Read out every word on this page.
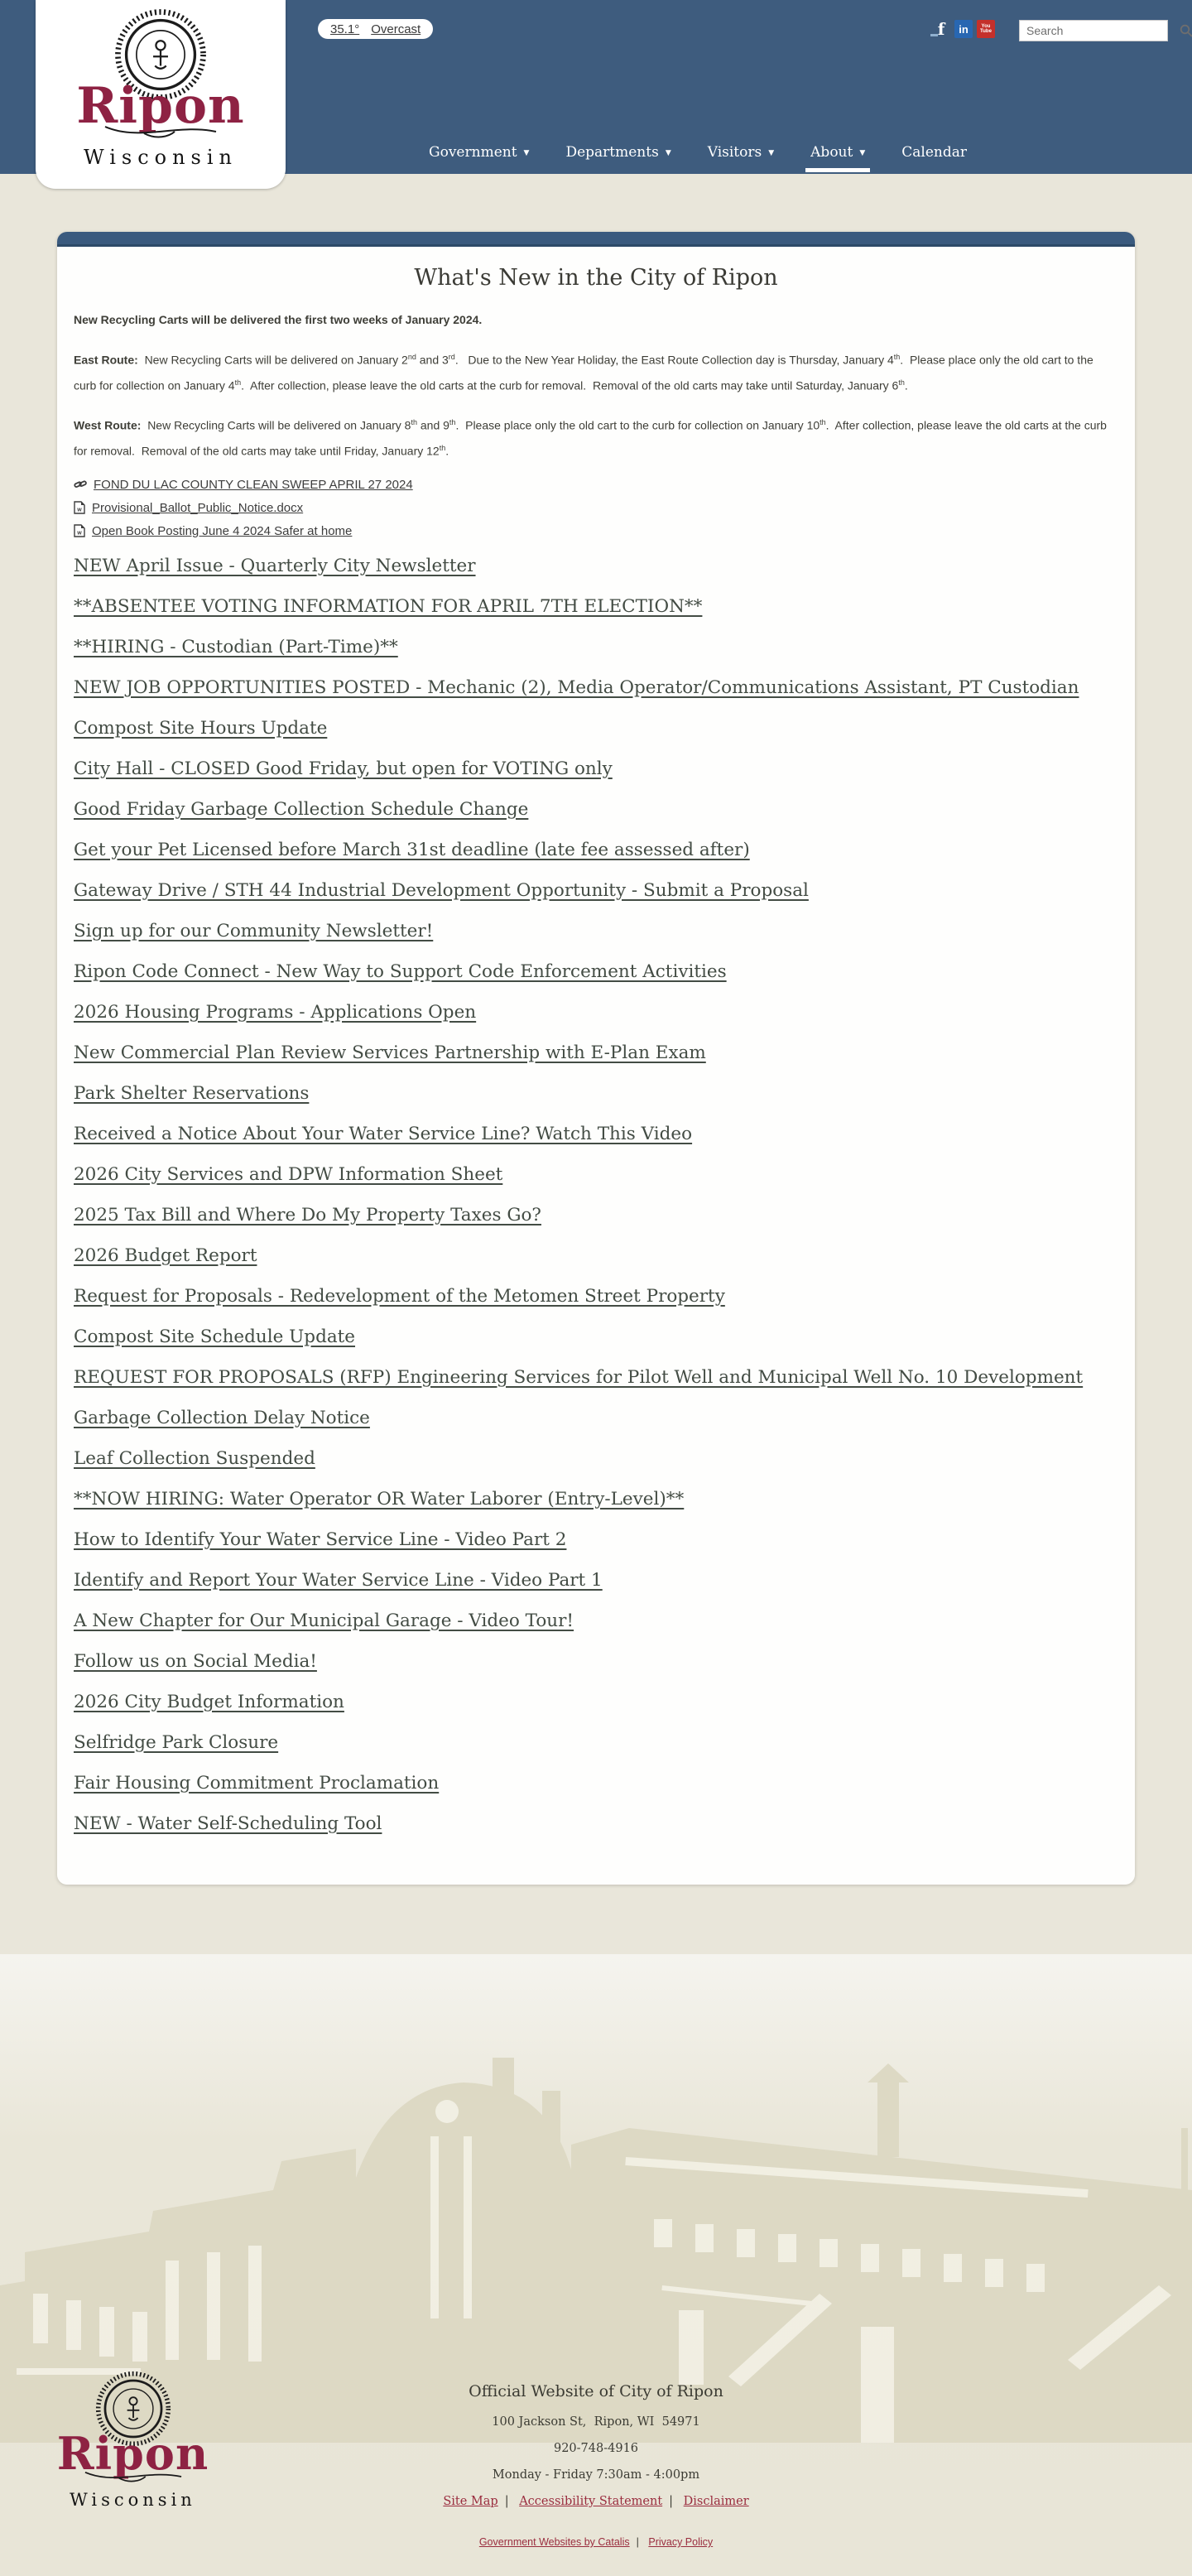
Ripon
Wisconsin
35.1° Overcast	f	in	You
Tube
Search
Government ▼	Departments ▼	Visitors ▼	About ▼	Calendar
What's New in the City of Ripon

New Recycling Carts will be delivered the first two weeks of January 2024.

East Route:  New Recycling Carts will be delivered on January 2nd and 3rd.   Due to the New Year Holiday, the East Route Collection day is Thursday, January 4th.  Please place only the old cart to the curb for collection on January 4th.  After collection, please leave the old carts at the curb for removal.  Removal of the old carts may take until Saturday, January 6th.

West Route:  New Recycling Carts will be delivered on January 8th and 9th.  Please place only the old cart to the curb for collection on January 10th.  After collection, please leave the old carts at the curb for removal.  Removal of the old carts may take until Friday, January 12th.

FOND DU LAC COUNTY CLEAN SWEEP APRIL 27 2024
w Provisional_Ballot_Public_Notice.docx
w Open Book Posting June 4 2024 Safer at home
NEW April Issue - Quarterly City Newsletter
**ABSENTEE VOTING INFORMATION FOR APRIL 7TH ELECTION**
**HIRING - Custodian (Part-Time)**
NEW JOB OPPORTUNITIES POSTED - Mechanic (2), Media Operator/Communications Assistant, PT Custodian
Compost Site Hours Update
City Hall - CLOSED Good Friday, but open for VOTING only
Good Friday Garbage Collection Schedule Change
Get your Pet Licensed before March 31st deadline (late fee assessed after)
Gateway Drive / STH 44 Industrial Development Opportunity - Submit a Proposal
Sign up for our Community Newsletter!
Ripon Code Connect - New Way to Support Code Enforcement Activities
2026 Housing Programs - Applications Open
New Commercial Plan Review Services Partnership with E-Plan Exam
Park Shelter Reservations
Received a Notice About Your Water Service Line? Watch This Video
2026 City Services and DPW Information Sheet
2025 Tax Bill and Where Do My Property Taxes Go?
2026 Budget Report
Request for Proposals - Redevelopment of the Metomen Street Property
Compost Site Schedule Update
REQUEST FOR PROPOSALS (RFP) Engineering Services for Pilot Well and Municipal Well No. 10 Development
Garbage Collection Delay Notice
Leaf Collection Suspended
**NOW HIRING: Water Operator OR Water Laborer (Entry-Level)**
How to Identify Your Water Service Line - Video Part 2
Identify and Report Your Water Service Line - Video Part 1
A New Chapter for Our Municipal Garage - Video Tour!
Follow us on Social Media!
2026 City Budget Information
Selfridge Park Closure
Fair Housing Commitment Proclamation
NEW - Water Self-Scheduling Tool
Ripon
Wisconsin
Official Website of City of Ripon
100 Jackson St,  Ripon, WI  54971
920-748-4916
Monday - Friday 7:30am - 4:00pm
Site Map | Accessibility Statement | Disclaimer
Government Websites by Catalis | Privacy Policy
